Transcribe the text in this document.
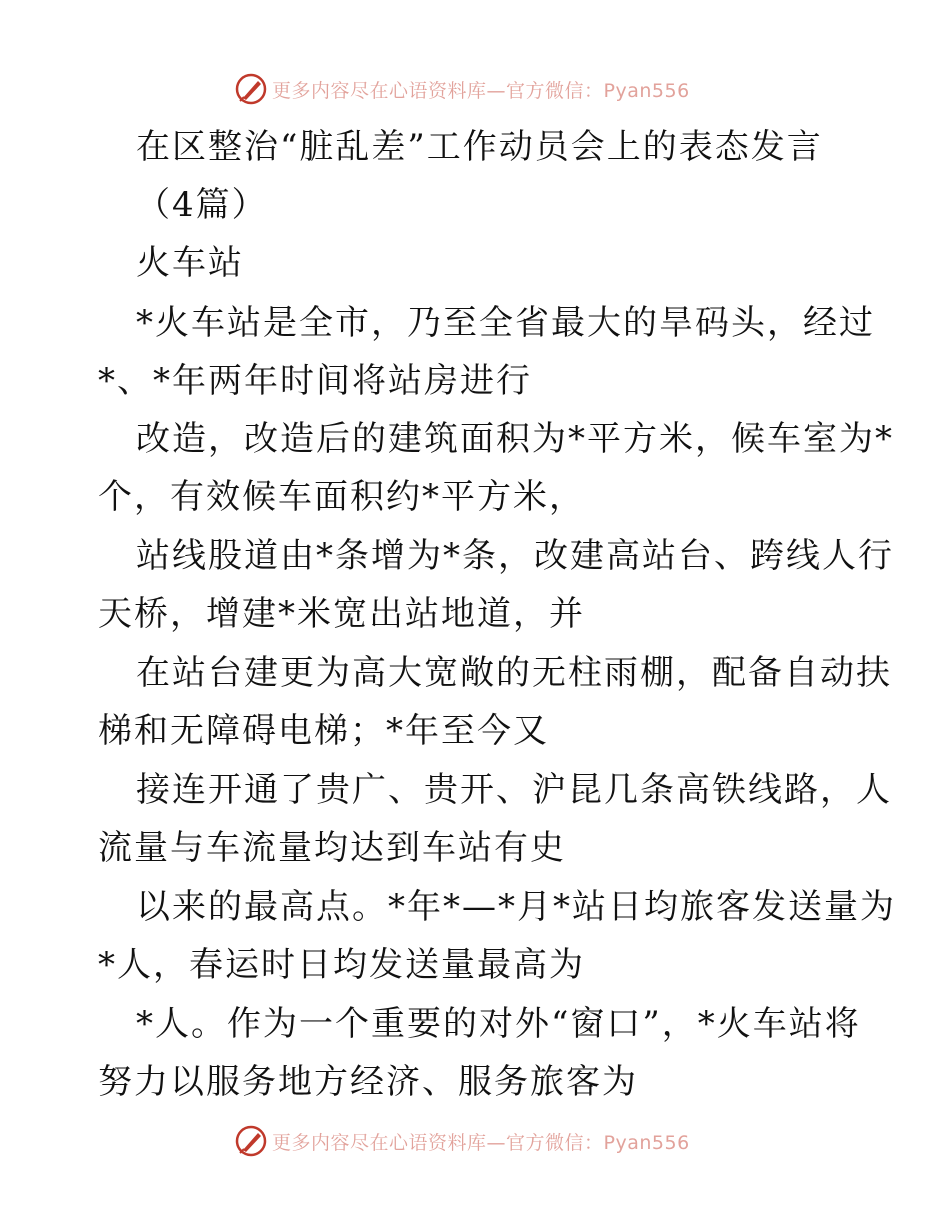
更多内容尽在心语资料库—官方微信：Pyan556
在区整治“脏乱差”工作动员会上的表态发言
（4篇）
火车站
*火车站是全市，乃至全省最大的旱码头，经过
*、*年两年时间将站房进行
改造，改造后的建筑面积为*平方米，候车室为*
个，有效候车面积约*平方米，
站线股道由*条增为*条，改建高站台、跨线人行
天桥，增建*米宽出站地道，并
在站台建更为高大宽敞的无柱雨棚，配备自动扶
梯和无障碍电梯；*年至今又
接连开通了贵广、贵开、沪昆几条高铁线路，人
流量与车流量均达到车站有史
以来的最高点。*年*—*月*站日均旅客发送量为
*人，春运时日均发送量最高为
*人。作为一个重要的对外“窗口”，*火车站将
努力以服务地方经济、服务旅客为
更多内容尽在心语资料库—官方微信：Pyan556
